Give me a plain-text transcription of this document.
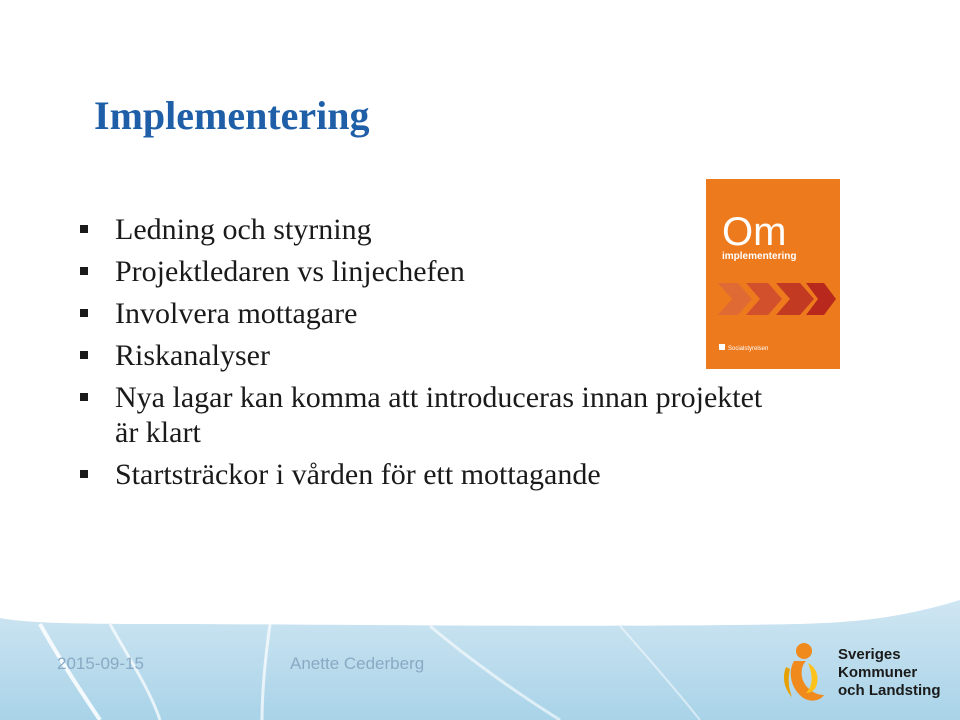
Implementering
Ledning och styrning
Projektledaren vs linjechefen
Involvera mottagare
Riskanalyser
Nya lagar kan komma att introduceras innan projektet är klart
Startsträckor i vården för ett mottagande
Om
implementering
Socialstyrelsen
2015-09-15	Anette Cederberg	Sveriges
Kommuner
och Landsting
